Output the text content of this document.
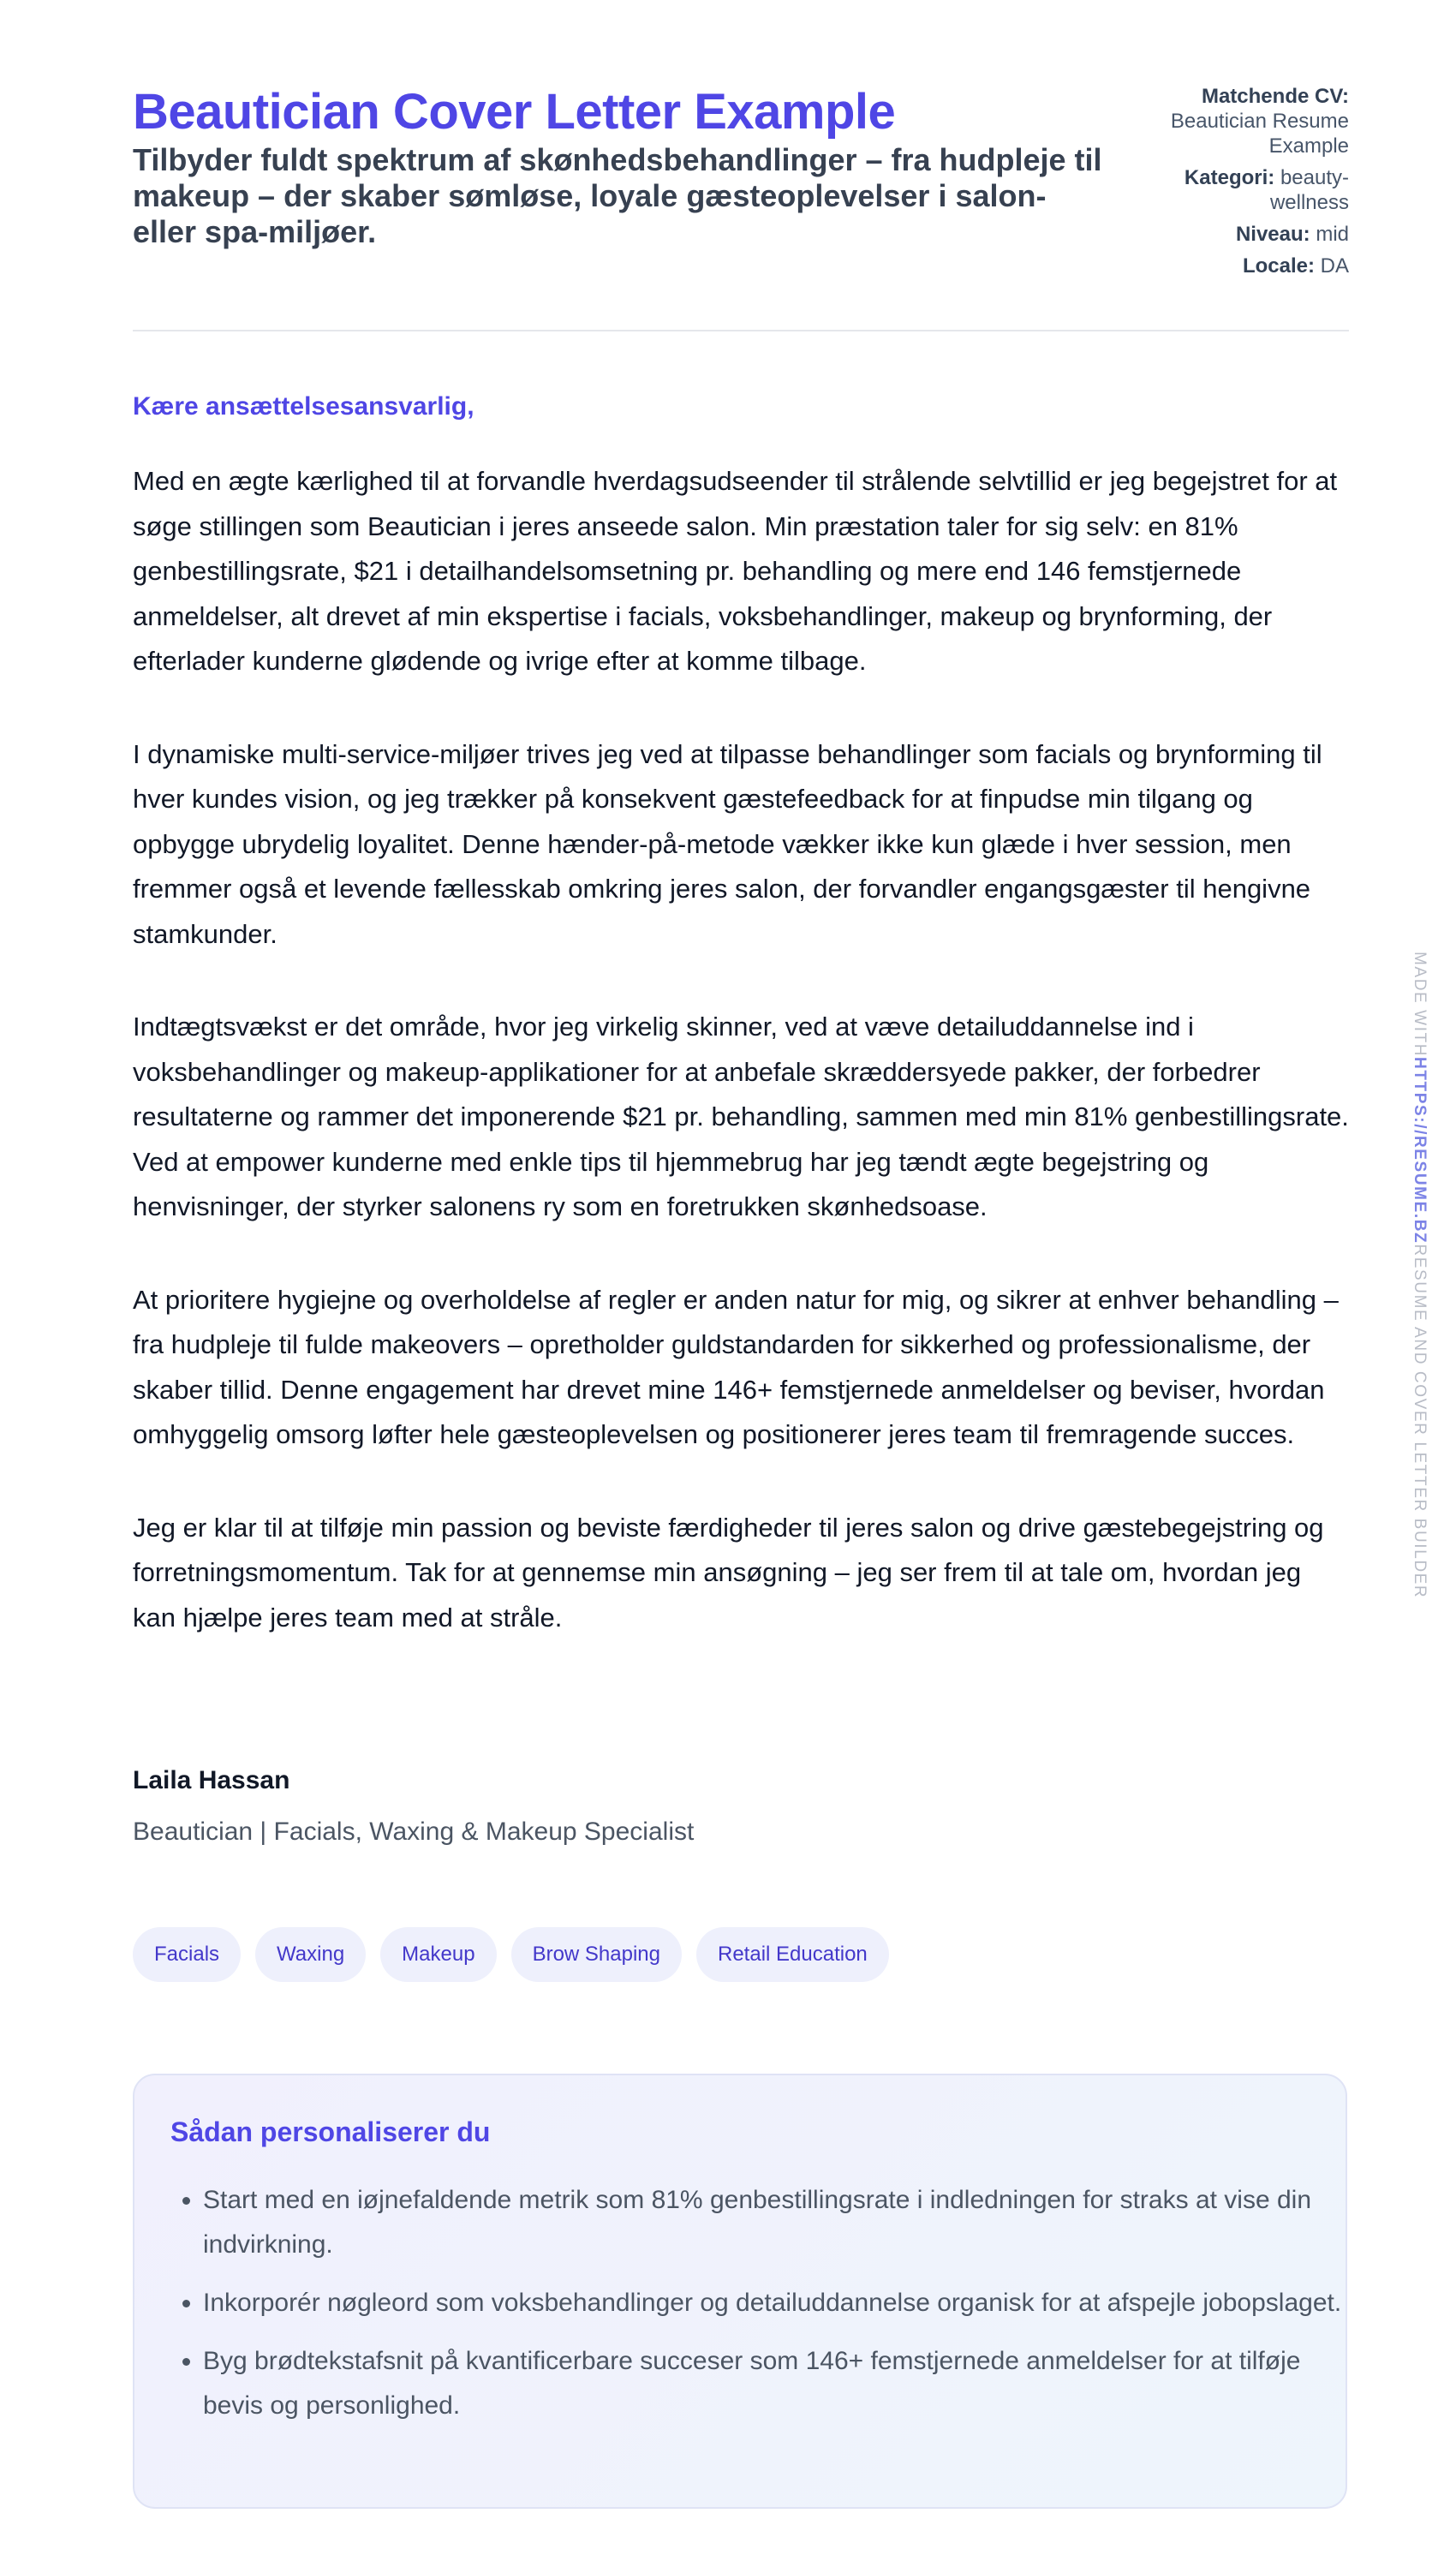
Beautician Cover Letter Example
Tilbyder fuldt spektrum af skønhedsbehandlinger – fra hudpleje til makeup – der skaber sømløse, loyale gæsteoplevelser i salon- eller spa-miljøer.
Matchende CV:
Beautician Resume Example
Kategori: beauty-wellness
Niveau: mid
Locale: DA
Kære ansættelsesansvarlig,

Med en ægte kærlighed til at forvandle hverdagsudseender til strålende selvtillid er jeg begejstret for at søge stillingen som Beautician i jeres anseede salon. Min præstation taler for sig selv: en 81% genbestillingsrate, $21 i detailhandelsomsetning pr. behandling og mere end 146 femstjernede anmeldelser, alt drevet af min ekspertise i facials, voksbehandlinger, makeup og brynforming, der efterlader kunderne glødende og ivrige efter at komme tilbage.

I dynamiske multi-service-miljøer trives jeg ved at tilpasse behandlinger som facials og brynforming til hver kundes vision, og jeg trækker på konsekvent gæstefeedback for at finpudse min tilgang og opbygge ubrydelig loyalitet. Denne hænder-på-metode vækker ikke kun glæde i hver session, men fremmer også et levende fællesskab omkring jeres salon, der forvandler engangsgæster til hengivne stamkunder.

Indtægtsvækst er det område, hvor jeg virkelig skinner, ved at væve detailuddannelse ind i voksbehandlinger og makeup-applikationer for at anbefale skræddersyede pakker, der forbedrer resultaterne og rammer det imponerende $21 pr. behandling, sammen med min 81% genbestillingsrate. Ved at empower kunderne med enkle tips til hjemmebrug har jeg tændt ægte begejstring og henvisninger, der styrker salonens ry som en foretrukken skønhedsoase.

At prioritere hygiejne og overholdelse af regler er anden natur for mig, og sikrer at enhver behandling – fra hudpleje til fulde makeovers – opretholder guldstandarden for sikkerhed og professionalisme, der skaber tillid. Denne engagement har drevet mine 146+ femstjernede anmeldelser og beviser, hvordan omhyggelig omsorg løfter hele gæsteoplevelsen og positionerer jeres team til fremragende succes.

Jeg er klar til at tilføje min passion og beviste færdigheder til jeres salon og drive gæstebegejstring og forretningsmomentum. Tak for at gennemse min ansøgning – jeg ser frem til at tale om, hvordan jeg kan hjælpe jeres team med at stråle.

Laila Hassan
Beautician | Facials, Waxing & Makeup Specialist
Facials	Waxing	Makeup	Brow Shaping	Retail Education
Sådan personaliserer du
• Start med en iøjnefaldende metrik som 81% genbestillingsrate i indledningen for straks at vise din indvirkning.
• Inkorporér nøgleord som voksbehandlinger og detailuddannelse organisk for at afspejle jobopslaget.
• Byg brødtekstafsnit på kvantificerbare succeser som 146+ femstjernede anmeldelser for at tilføje bevis og personlighed.
MADE WITHHTTPS://RESUME.BZRESUME AND COVER LETTER BUILDER
